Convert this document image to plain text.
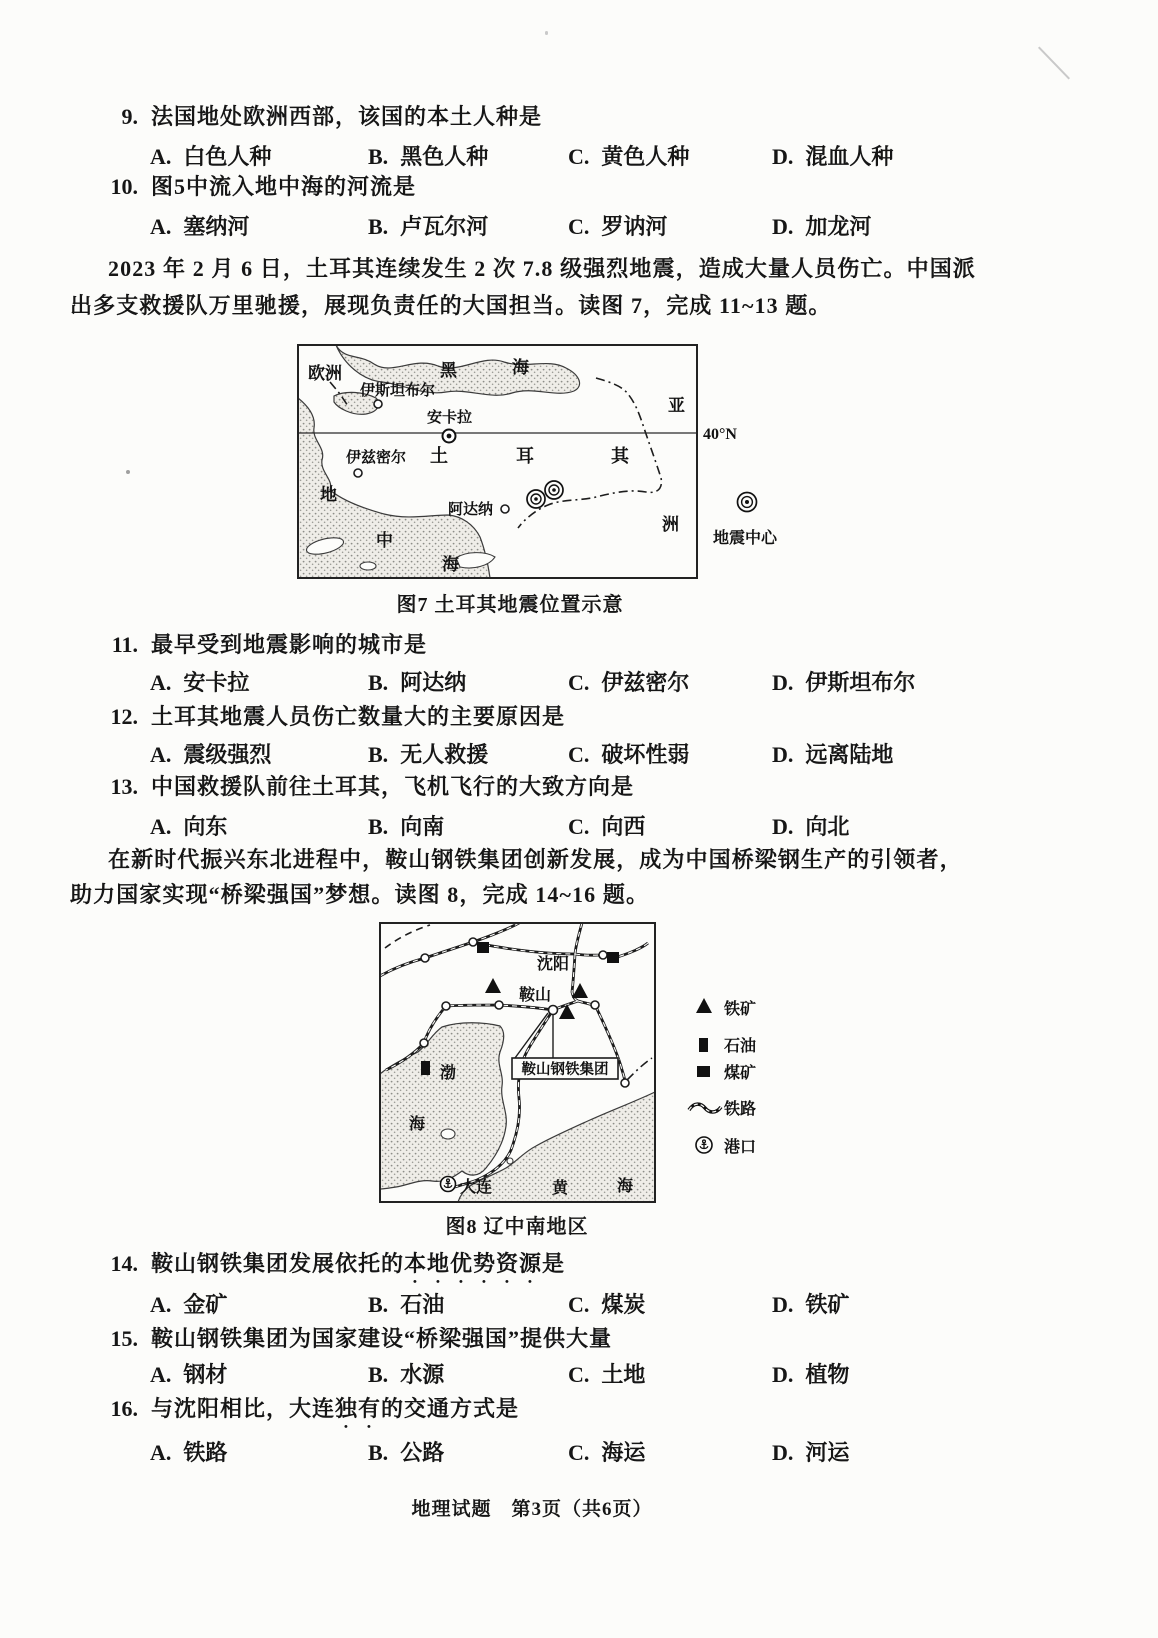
9. 法国地处欧洲西部，该国的本土人种是
A. 白色人种	B. 黑色人种	C. 黄色人种	D. 混血人种
10. 图5中流入地中海的河流是
A. 塞纳河	B. 卢瓦尔河	C. 罗讷河	D. 加龙河
2023 年 2 月 6 日，土耳其连续发生 2 次 7.8 级强烈地震，造成大量人员伤亡。中国派
出多支救援队万里驰援，展现负责任的大国担当。读图 7，完成 11~13 题。
欧洲	黑	海
亚
洲
伊斯坦布尔
安卡拉
伊兹密尔
阿达纳
土	耳	其
地
中
海
40°N
地震中心
图7 土耳其地震位置示意
11. 最早受到地震影响的城市是
A. 安卡拉	B. 阿达纳	C. 伊兹密尔	D. 伊斯坦布尔
12. 土耳其地震人员伤亡数量大的主要原因是
A. 震级强烈	B. 无人救援	C. 破坏性弱	D. 远离陆地
13. 中国救援队前往土耳其，飞机飞行的大致方向是
A. 向东	B. 向南	C. 向西	D. 向北
在新时代振兴东北进程中，鞍山钢铁集团创新发展，成为中国桥梁钢生产的引领者，
助力国家实现“桥梁强国”梦想。读图 8，完成 14~16 题。
鞍山钢铁集团
沈阳
鞍山
渤
海
大连	黄	海
铁矿
石油
煤矿
铁路
港口
图8 辽中南地区
14. 鞍山钢铁集团发展依托的本地优势资源是
A. 金矿	B. 石油	C. 煤炭	D. 铁矿
15. 鞍山钢铁集团为国家建设“桥梁强国”提供大量
A. 钢材	B. 水源	C. 土地	D. 植物
16. 与沈阳相比，大连独有的交通方式是
A. 铁路	B. 公路	C. 海运	D. 河运
地理试题　第3页（共6页）
